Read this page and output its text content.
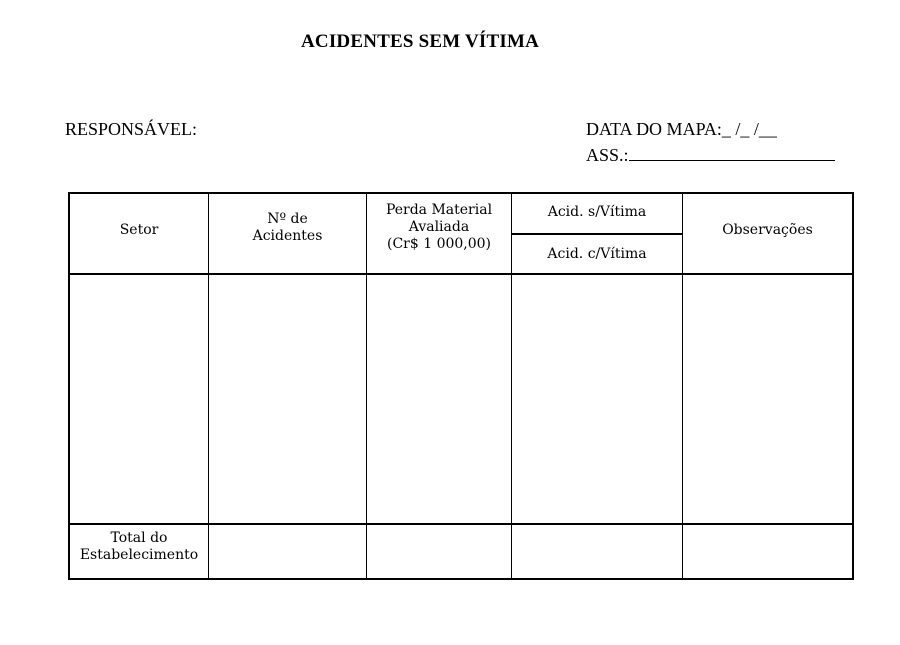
ACIDENTES SEM VÍTIMA
RESPONSÁVEL:	DATA DO MAPA:_ /_ /__
ASS.:
Setor
Nº de
Acidentes
Perda Material
Avaliada
(Cr$ 1 000,00)
Acid. s/Vítima
Acid. c/Vítima
Observações
Total do
Estabelecimento
